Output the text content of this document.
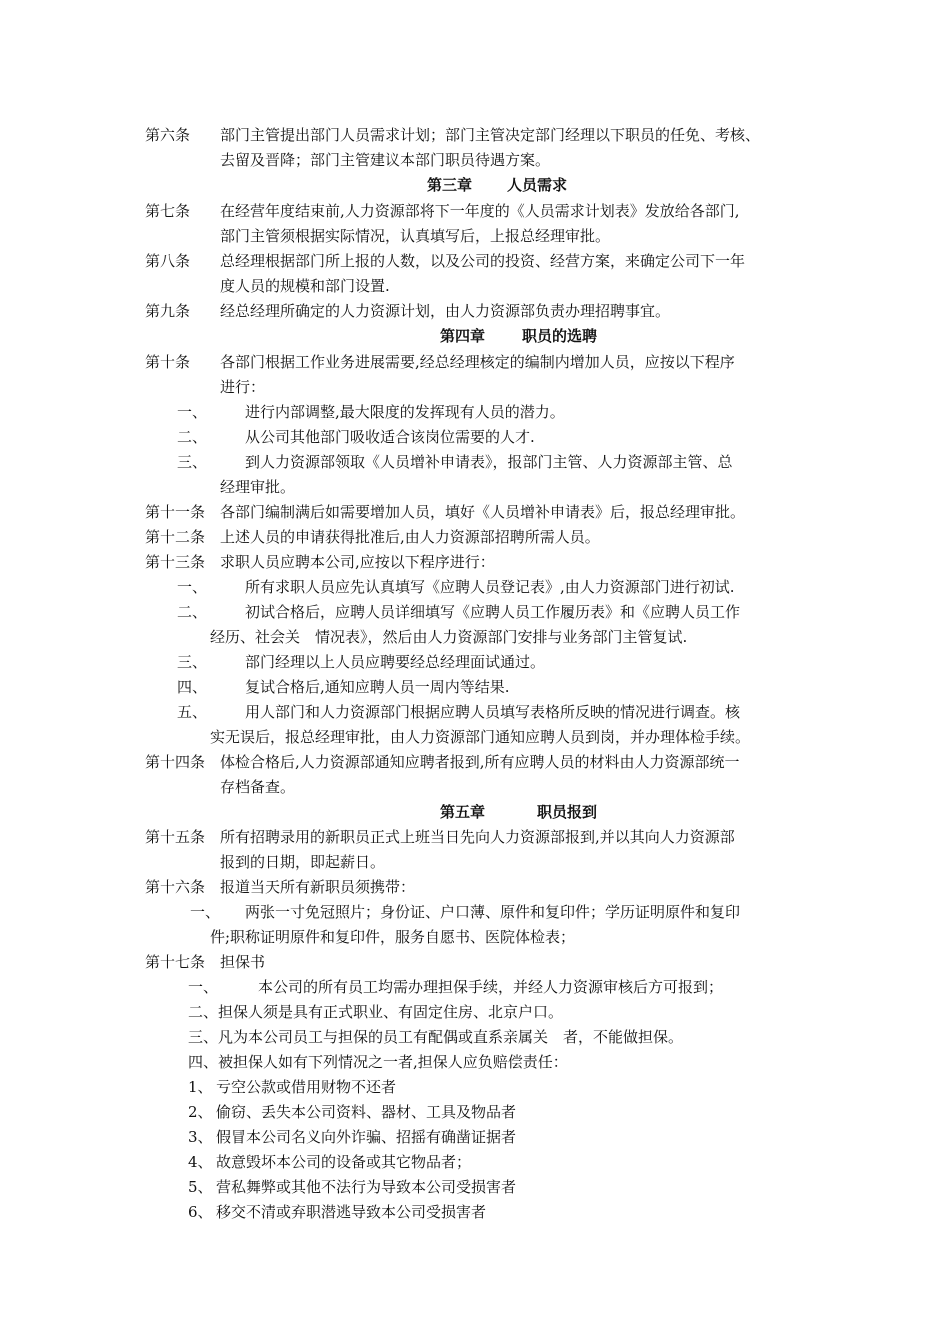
第六条 部门主管提出部门人员需求计划；部门主管决定部门经理以下职员的任免、考核、
去留及晋降；部门主管建议本部门职员待遇方案。
第三章 人员需求
第七条 在经营年度结束前,人力资源部将下一年度的《人员需求计划表》发放给各部门,
部门主管须根据实际情况，认真填写后，上报总经理审批。
第八条 总经理根据部门所上报的人数，以及公司的投资、经营方案，来确定公司下一年
度人员的规模和部门设置.
第九条 经总经理所确定的人力资源计划，由人力资源部负责办理招聘事宜。
第四章 职员的选聘
第十条 各部门根据工作业务进展需要,经总经理核定的编制内增加人员，应按以下程序
进行：
一、	进行内部调整,最大限度的发挥现有人员的潜力。
二、	从公司其他部门吸收适合该岗位需要的人才.
三、	到人力资源部领取《人员增补申请表》，报部门主管、人力资源部主管、总
经理审批。
第十一条 各部门编制满后如需要增加人员，填好《人员增补申请表》后，报总经理审批。
第十二条 上述人员的申请获得批准后,由人力资源部招聘所需人员。
第十三条 求职人员应聘本公司,应按以下程序进行：
一、	所有求职人员应先认真填写《应聘人员登记表》,由人力资源部门进行初试.
二、	初试合格后，应聘人员详细填写《应聘人员工作履历表》和《应聘人员工作
经历、社会关　情况表》，然后由人力资源部门安排与业务部门主管复试.
三、	部门经理以上人员应聘要经总经理面试通过。
四、	复试合格后,通知应聘人员一周内等结果.
五、	用人部门和人力资源部门根据应聘人员填写表格所反映的情况进行调查。核
实无误后，报总经理审批，由人力资源部门通知应聘人员到岗，并办理体检手续。
第十四条 体检合格后,人力资源部通知应聘者报到,所有应聘人员的材料由人力资源部统一
存档备查。
第五章	职员报到
第十五条 所有招聘录用的新职员正式上班当日先向人力资源部报到,并以其向人力资源部
报到的日期，即起薪日。
第十六条 报道当天所有新职员须携带：
一、 两张一寸免冠照片；身份证、户口薄、原件和复印件；学历证明原件和复印
件;职称证明原件和复印件，服务自愿书、医院体检表；
第十七条 担保书
一、	本公司的所有员工均需办理担保手续，并经人力资源审核后方可报到；
二、担保人须是具有正式职业、有固定住房、北京户口。
三、凡为本公司员工与担保的员工有配偶或直系亲属关　者，不能做担保。
四、被担保人如有下列情况之一者,担保人应负赔偿责任：
1、 亏空公款或借用财物不还者
2、 偷窃、丢失本公司资料、器材、工具及物品者
3、 假冒本公司名义向外诈骗、招摇有确凿证据者
4、 故意毁坏本公司的设备或其它物品者；
5、 营私舞弊或其他不法行为导致本公司受损害者
6、 移交不清或弃职潜逃导致本公司受损害者
